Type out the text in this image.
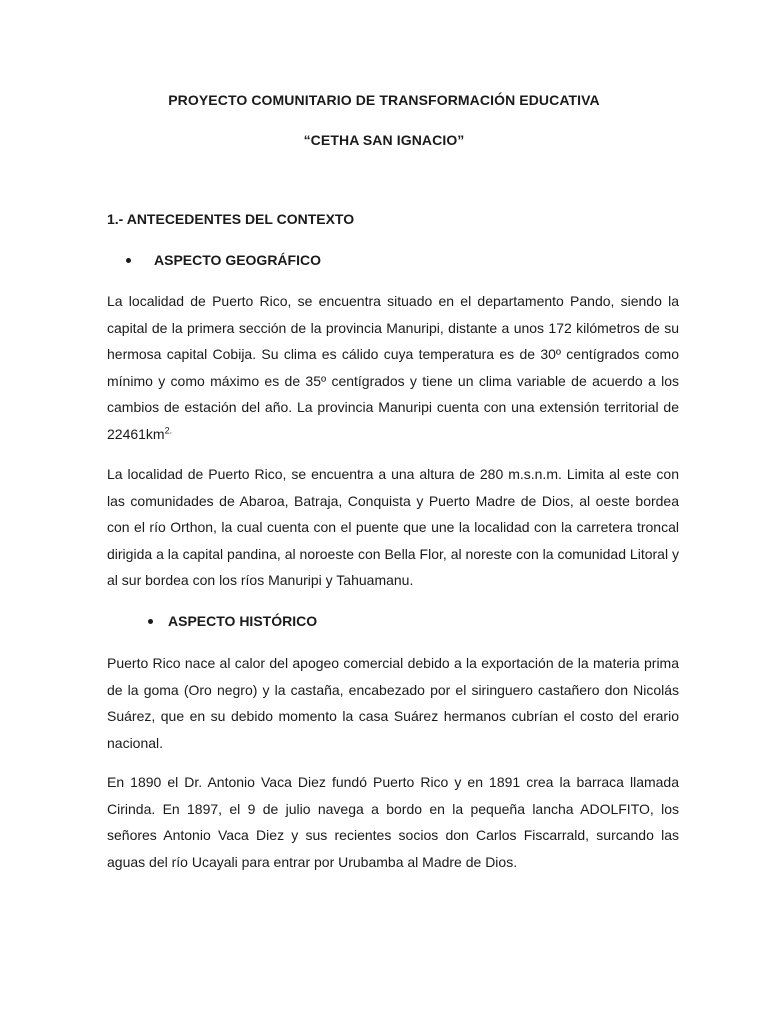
PROYECTO COMUNITARIO DE TRANSFORMACIÓN EDUCATIVA
“CETHA SAN IGNACIO”
1.- ANTECEDENTES DEL CONTEXTO
ASPECTO GEOGRÁFICO

La localidad de Puerto Rico, se encuentra situado en el departamento Pando, siendo la capital de la primera sección de la provincia Manuripi, distante a unos 172 kilómetros de su hermosa capital Cobija. Su clima es cálido cuya temperatura es de 30º centígrados como mínimo y como máximo es de 35º centígrados y tiene un clima variable de acuerdo a los cambios de estación del año. La provincia Manuripi cuenta con una extensión territorial de $22461km^{2.}$

La localidad de Puerto Rico, se encuentra a una altura de 280 m.s.n.m. Limita al este con las comunidades de Abaroa, Batraja, Conquista y Puerto Madre de Dios, al oeste bordea con el río Orthon, la cual cuenta con el puente que une la localidad con la carretera troncal dirigida a la capital pandina, al noroeste con Bella Flor, al noreste con la comunidad Litoral y al sur bordea con los ríos Manuripi y Tahuamanu.

ASPECTO HISTÓRICO

Puerto Rico nace al calor del apogeo comercial debido a la exportación de la materia prima de la goma (Oro negro) y la castaña, encabezado por el siringuero castañero don Nicolás Suárez, que en su debido momento la casa Suárez hermanos cubrían el costo del erario nacional.

En 1890 el Dr. Antonio Vaca Diez fundó Puerto Rico y en 1891 crea la barraca llamada Cirinda. En 1897, el 9 de julio navega a bordo en la pequeña lancha ADOLFITO, los señores Antonio Vaca Diez y sus recientes socios don Carlos Fiscarrald, surcando las aguas del río Ucayali para entrar por Urubamba al Madre de Dios.
